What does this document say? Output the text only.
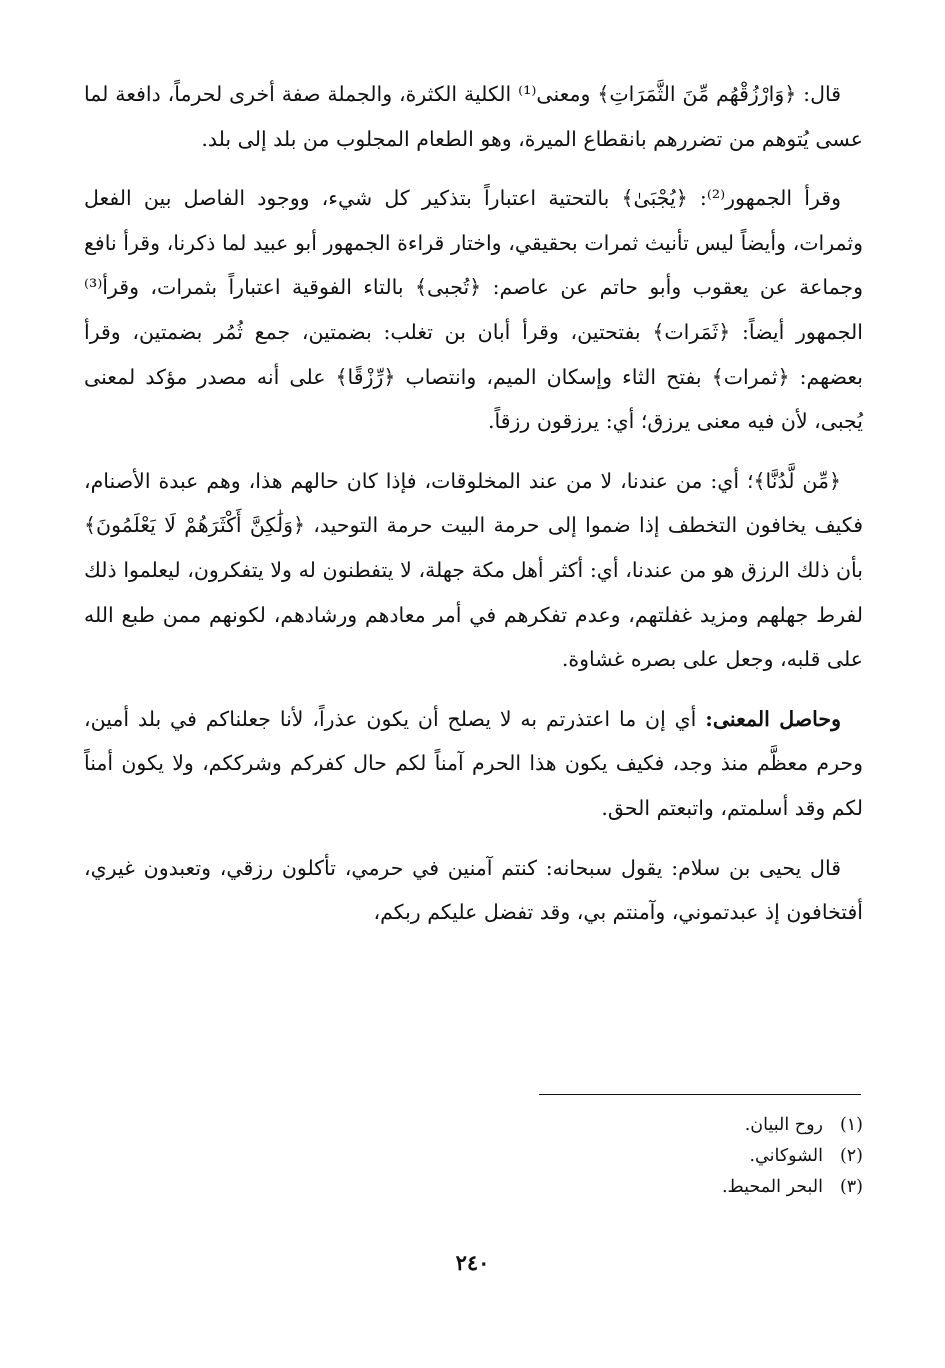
قال: ﴿وَارْزُقْهُم مِّنَ الثَّمَرَاتِ﴾ ومعنى⁽¹⁾ الكلية الكثرة، والجملة صفة أخرى لحرماً، دافعة لما عسى يُتوهم من تضررهم بانقطاع الميرة، وهو الطعام المجلوب من بلد إلى بلد.

وقرأ الجمهور⁽²⁾: ﴿يُجْبَىٰ﴾ بالتحتية اعتباراً بتذكير كل شيء، ووجود الفاصل بين الفعل وثمرات، وأيضاً ليس تأنيث ثمرات بحقيقي، واختار قراءة الجمهور أبو عبيد لما ذكرنا، وقرأ نافع وجماعة عن يعقوب وأبو حاتم عن عاصم: ﴿تُجبى﴾ بالتاء الفوقية اعتباراً بثمرات، وقرأ⁽³⁾ الجمهور أيضاً: ﴿ثَمَرات﴾ بفتحتين، وقرأ أبان بن تغلب: بضمتين، جمع ثُمُر بضمتين، وقرأ بعضهم: ﴿ثمرات﴾ بفتح الثاء وإسكان الميم، وانتصاب ﴿رِّزْقًا﴾ على أنه مصدر مؤكد لمعنى يُجبى، لأن فيه معنى يرزق؛ أي: يرزقون رزقاً.

﴿مِّن لَّدُنَّا﴾؛ أي: من عندنا، لا من عند المخلوقات، فإذا كان حالهم هذا، وهم عبدة الأصنام، فكيف يخافون التخطف إذا ضموا إلى حرمة البيت حرمة التوحيد، ﴿وَلَٰكِنَّ أَكْثَرَهُمْ لَا يَعْلَمُونَ﴾ بأن ذلك الرزق هو من عندنا، أي: أكثر أهل مكة جهلة، لا يتفطنون له ولا يتفكرون، ليعلموا ذلك لفرط جهلهم ومزيد غفلتهم، وعدم تفكرهم في أمر معادهم ورشادهم، لكونهم ممن طبع الله على قلبه، وجعل على بصره غشاوة.

وحاصل المعنى: أي إن ما اعتذرتم به لا يصلح أن يكون عذراً، لأنا جعلناكم في بلد أمين، وحرم معظَّم منذ وجد، فكيف يكون هذا الحرم آمناً لكم حال كفركم وشرككم، ولا يكون أمناً لكم وقد أسلمتم، واتبعتم الحق.

قال يحيى بن سلام: يقول سبحانه: كنتم آمنين في حرمي، تأكلون رزقي، وتعبدون غيري، أفتخافون إذ عبدتموني، وآمنتم بي، وقد تفضل عليكم ربكم،

(١)روح البيان.
(٢)الشوكاني.
(٣)البحر المحيط.
٢٤٠
